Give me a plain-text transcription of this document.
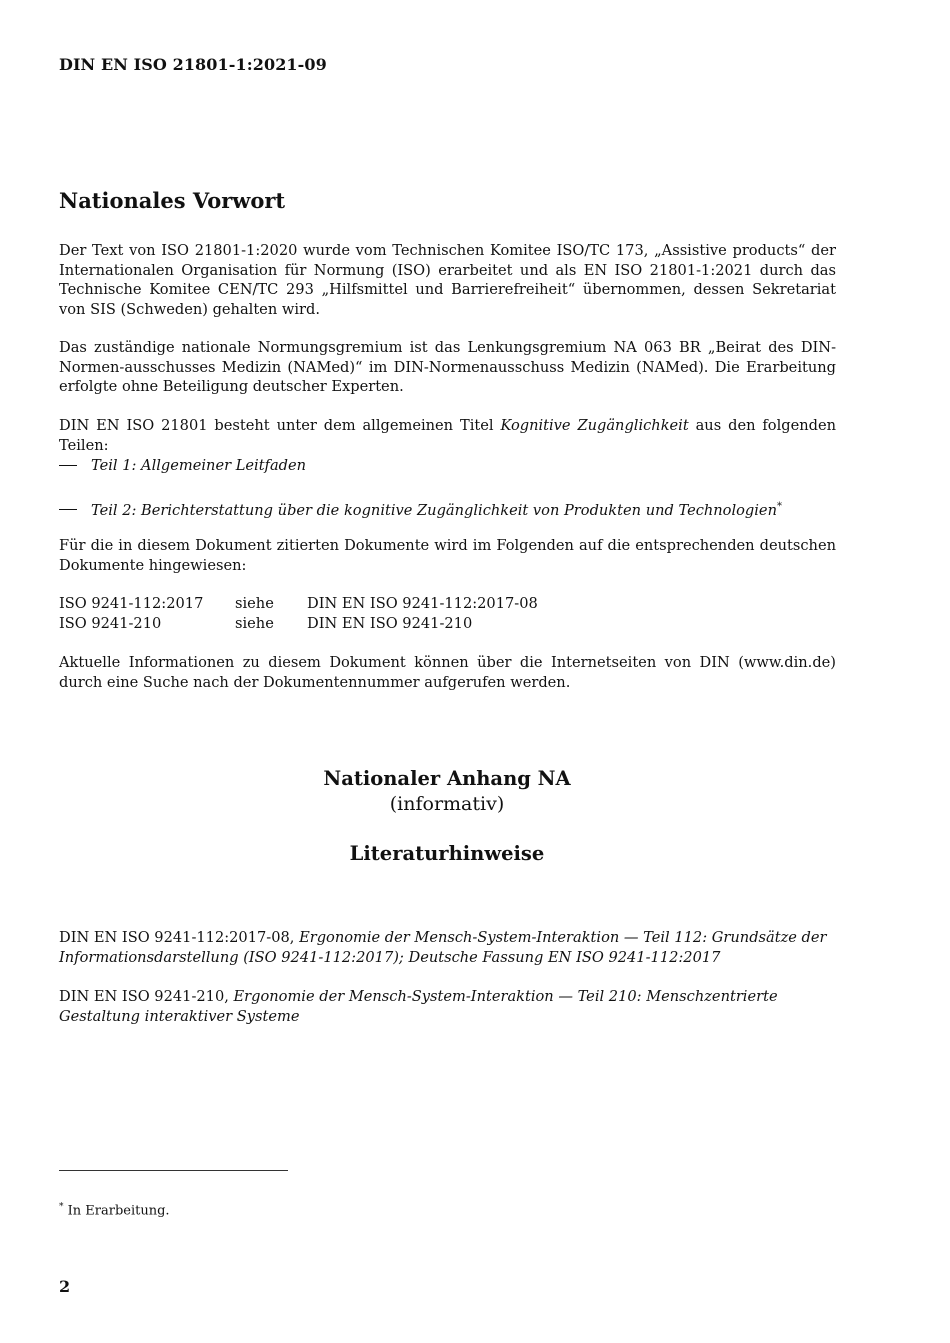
DIN EN ISO 21801-1:2021-09
Nationales Vorwort
Der Text von ISO 21801-1:2020 wurde vom Technischen Komitee ISO/TC 173, „Assistive products“ der Internationalen Organisation für Normung (ISO) erarbeitet und als EN ISO 21801-1:2021 durch das Technische Komitee CEN/TC 293 „Hilfsmittel und Barrierefreiheit“ übernommen, dessen Sekretariat von SIS (Schweden) gehalten wird.
Das zuständige nationale Normungsgremium ist das Lenkungsgremium NA 063 BR „Beirat des DIN-Normen-ausschusses Medizin (NAMed)“ im DIN-Normenausschuss Medizin (NAMed). Die Erarbeitung erfolgte ohne Beteiligung deutscher Experten.
DIN EN ISO 21801 besteht unter dem allgemeinen Titel Kognitive Zugänglichkeit aus den folgenden Teilen:
Teil 1: Allgemeiner Leitfaden
Teil 2: Berichterstattung über die kognitive Zugänglichkeit von Produkten und Technologien*
Für die in diesem Dokument zitierten Dokumente wird im Folgenden auf die entsprechenden deutschen Dokumente hingewiesen:
ISO 9241-112:2017	siehe	DIN EN ISO 9241-112:2017-08
ISO 9241-210	siehe	DIN EN ISO 9241-210
Aktuelle Informationen zu diesem Dokument können über die Internetseiten von DIN (www.din.de) durch eine Suche nach der Dokumentennummer aufgerufen werden.
Nationaler Anhang NA
(informativ)
Literaturhinweise
DIN EN ISO 9241-112:2017-08, Ergonomie der Mensch-System-Interaktion — Teil 112: Grundsätze der Informationsdarstellung (ISO 9241-112:2017); Deutsche Fassung EN ISO 9241-112:2017
DIN EN ISO 9241-210, Ergonomie der Mensch-System-Interaktion — Teil 210: Menschzentrierte Gestaltung interaktiver Systeme
* In Erarbeitung.
2
